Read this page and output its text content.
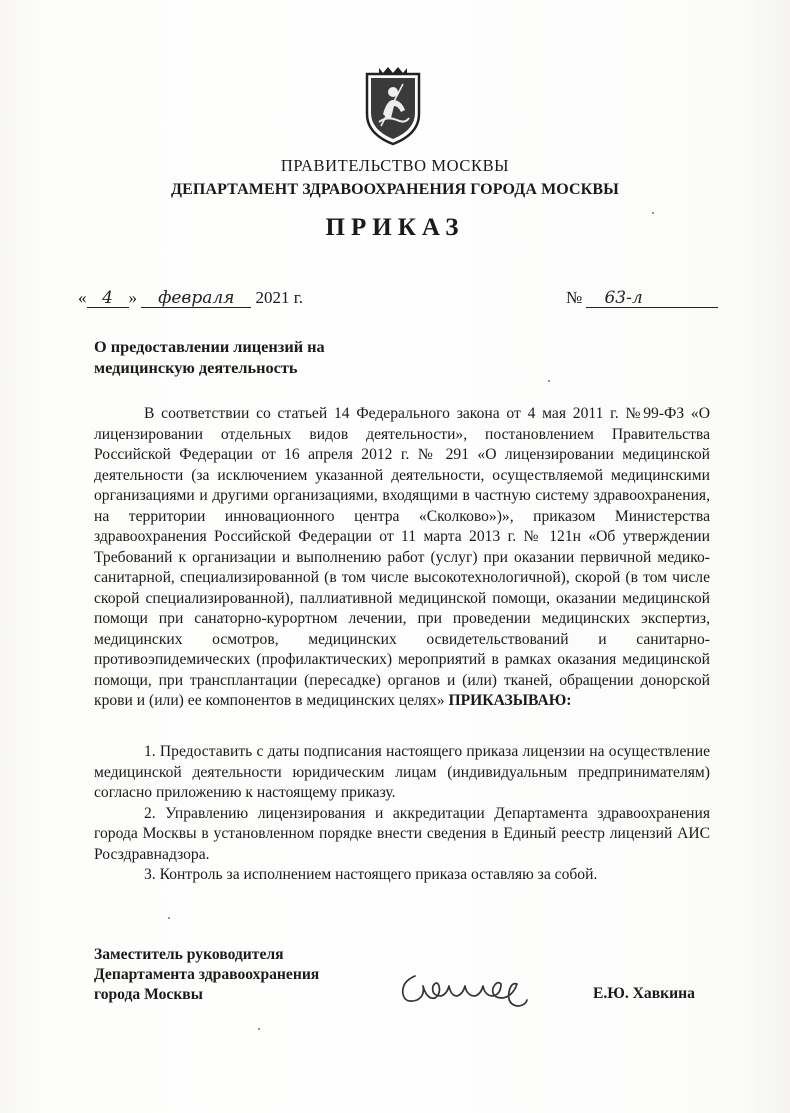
ПРАВИТЕЛЬСТВО МОСКВЫ
ДЕПАРТАМЕНТ ЗДРАВООХРАНЕНИЯ ГОРОДА МОСКВЫ
ПРИКАЗ
« 4 » февраля 2021 г.	№ 63-л
О предоставлении лицензий на
медицинскую деятельность

В соответствии со статьей 14 Федерального закона от 4 мая 2011 г. №99-ФЗ «О лицензировании отдельных видов деятельности», постановлением Правительства Российской Федерации от 16 апреля 2012 г. № 291 «О лицензировании медицинской деятельности (за исключением указанной деятельности, осуществляемой медицинскими организациями и другими организациями, входящими в частную систему здравоохранения, на территории инновационного центра «Сколково»)», приказом Министерства здравоохранения Российской Федерации от 11 марта 2013 г. № 121н «Об утверждении Требований к организации и выполнению работ (услуг) при оказании первичной медико-санитарной, специализированной (в том числе высокотехнологичной), скорой (в том числе скорой специализированной), паллиативной медицинской помощи, оказании медицинской помощи при санаторно-курортном лечении, при проведении медицинских экспертиз, медицинских осмотров, медицинских освидетельствований и санитарно-противоэпидемических (профилактических) мероприятий в рамках оказания медицинской помощи, при трансплантации (пересадке) органов и (или) тканей, обращении донорской крови и (или) ее компонентов в медицинских целях» ПРИКАЗЫВАЮ:

1. Предоставить с даты подписания настоящего приказа лицензии на осуществление медицинской деятельности юридическим лицам (индивидуальным предпринимателям) согласно приложению к настоящему приказу.

2. Управлению лицензирования и аккредитации Департамента здравоохранения города Москвы в установленном порядке внести сведения в Единый реестр лицензий АИС Росздравнадзора.

3. Контроль за исполнением настоящего приказа оставляю за собой.

Заместитель руководителя
Департамента здравоохранения
города Москвы	Е.Ю. Хавкина
